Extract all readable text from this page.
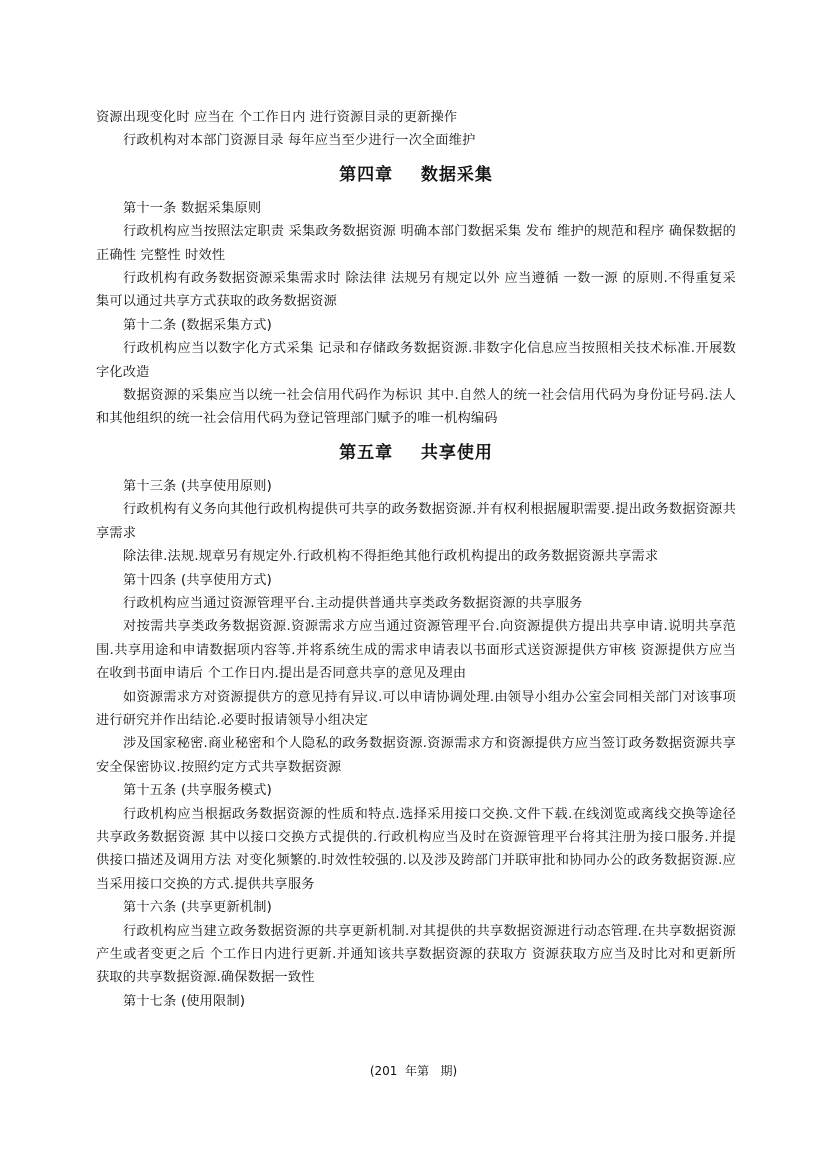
资源出现变化时 应当在 个工作日内 进行资源目录的更新操作

行政机构对本部门资源目录 每年应当至少进行一次全面维护

第四章    数据采集

第十一条 数据采集原则

行政机构应当按照法定职责 采集政务数据资源 明确本部门数据采集 发布 维护的规范和程序 确保数据的正确性 完整性 时效性

行政机构有政务数据资源采集需求时 除法律 法规另有规定以外 应当遵循 一数一源 的原则.不得重复采集可以通过共享方式获取的政务数据资源

第十二条 (数据采集方式)

行政机构应当以数字化方式采集 记录和存储政务数据资源.非数字化信息应当按照相关技术标准.开展数字化改造

数据资源的采集应当以统一社会信用代码作为标识 其中.自然人的统一社会信用代码为身份证号码.法人和其他组织的统一社会信用代码为登记管理部门赋予的唯一机构编码

第五章    共享使用

第十三条 (共享使用原则)

行政机构有义务向其他行政机构提供可共享的政务数据资源.并有权利根据履职需要.提出政务数据资源共享需求

除法律.法规.规章另有规定外.行政机构不得拒绝其他行政机构提出的政务数据资源共享需求

第十四条 (共享使用方式)

行政机构应当通过资源管理平台.主动提供普通共享类政务数据资源的共享服务

对按需共享类政务数据资源.资源需求方应当通过资源管理平台.向资源提供方提出共享申请.说明共享范围.共享用途和申请数据项内容等.并将系统生成的需求申请表以书面形式送资源提供方审核 资源提供方应当在收到书面申请后 个工作日内.提出是否同意共享的意见及理由

如资源需求方对资源提供方的意见持有异议.可以申请协调处理.由领导小组办公室会同相关部门对该事项进行研究并作出结论.必要时报请领导小组决定

涉及国家秘密.商业秘密和个人隐私的政务数据资源.资源需求方和资源提供方应当签订政务数据资源共享安全保密协议.按照约定方式共享数据资源

第十五条 (共享服务模式)

行政机构应当根据政务数据资源的性质和特点.选择采用接口交换.文件下载.在线浏览或离线交换等途径共享政务数据资源 其中以接口交换方式提供的.行政机构应当及时在资源管理平台将其注册为接口服务.并提供接口描述及调用方法 对变化频繁的.时效性较强的.以及涉及跨部门并联审批和协同办公的政务数据资源.应当采用接口交换的方式.提供共享服务

第十六条 (共享更新机制)

行政机构应当建立政务数据资源的共享更新机制.对其提供的共享数据资源进行动态管理.在共享数据资源产生或者变更之后 个工作日内进行更新.并通知该共享数据资源的获取方 资源获取方应当及时比对和更新所获取的共享数据资源.确保数据一致性

第十七条 (使用限制)

(201  年第   期)
